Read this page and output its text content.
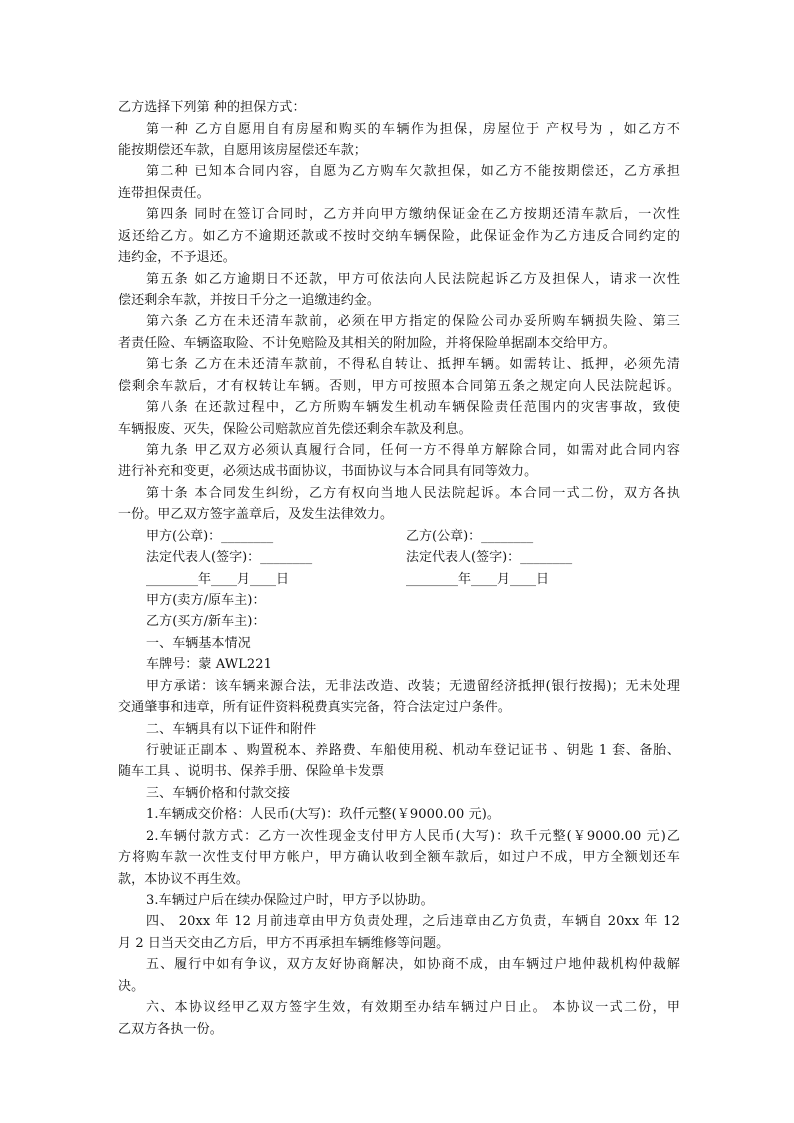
乙方选择下列第 种的担保方式：
第一种 乙方自愿用自有房屋和购买的车辆作为担保，房屋位于 产权号为 ，如乙方不
能按期偿还车款，自愿用该房屋偿还车款；
第二种 已知本合同内容，自愿为乙方购车欠款担保，如乙方不能按期偿还，乙方承担
连带担保责任。
第四条 同时在签订合同时，乙方并向甲方缴纳保证金在乙方按期还清车款后，一次性
返还给乙方。如乙方不逾期还款或不按时交纳车辆保险，此保证金作为乙方违反合同约定的
违约金，不予退还。
第五条 如乙方逾期日不还款，甲方可依法向人民法院起诉乙方及担保人，请求一次性
偿还剩余车款，并按日千分之一追缴违约金。
第六条 乙方在未还清车款前，必须在甲方指定的保险公司办妥所购车辆损失险、第三
者责任险、车辆盗取险、不计免赔险及其相关的附加险，并将保险单据副本交给甲方。
第七条 乙方在未还清车款前，不得私自转让、抵押车辆。如需转让、抵押，必须先清
偿剩余车款后，才有权转让车辆。否则，甲方可按照本合同第五条之规定向人民法院起诉。
第八条 在还款过程中，乙方所购车辆发生机动车辆保险责任范围内的灾害事故，致使
车辆报废、灭失，保险公司赔款应首先偿还剩余车款及利息。
第九条 甲乙双方必须认真履行合同，任何一方不得单方解除合同，如需对此合同内容
进行补充和变更，必须达成书面协议，书面协议与本合同具有同等效力。
第十条 本合同发生纠纷，乙方有权向当地人民法院起诉。本合同一式二份，双方各执
一份。甲乙双方签字盖章后，及发生法律效力。
甲方(公章)：________	乙方(公章)：________
法定代表人(签字)：________	法定代表人(签字)：________
________年____月____日	________年____月____日
甲方(卖方/原车主)：
乙方(买方/新车主)：
一、车辆基本情况
车牌号：蒙 AWL221
甲方承诺：该车辆来源合法，无非法改造、改装；无遗留经济抵押(银行按揭)；无未处理
交通肇事和违章，所有证件资料税费真实完备，符合法定过户条件。
二、车辆具有以下证件和附件
行驶证正副本 、购置税本、养路费、车船使用税、机动车登记证书 、钥匙 1 套、备胎、
随车工具 、说明书、保养手册、保险单卡发票
三、车辆价格和付款交接
1.车辆成交价格：人民币(大写)：玖仟元整(￥9000.00 元)。
2.车辆付款方式：乙方一次性现金支付甲方人民币(大写)：玖千元整(￥9000.00 元)乙
方将购车款一次性支付甲方帐户，甲方确认收到全额车款后，如过户不成，甲方全额划还车
款，本协议不再生效。
3.车辆过户后在续办保险过户时，甲方予以协助。
四、 20xx 年 12 月前违章由甲方负责处理，之后违章由乙方负责，车辆自 20xx 年 12
月 2 日当天交由乙方后，甲方不再承担车辆维修等问题。
五、履行中如有争议，双方友好协商解决，如协商不成，由车辆过户地仲裁机构仲裁解
决。
六、本协议经甲乙双方签字生效，有效期至办结车辆过户日止。 本协议一式二份，甲
乙双方各执一份。
